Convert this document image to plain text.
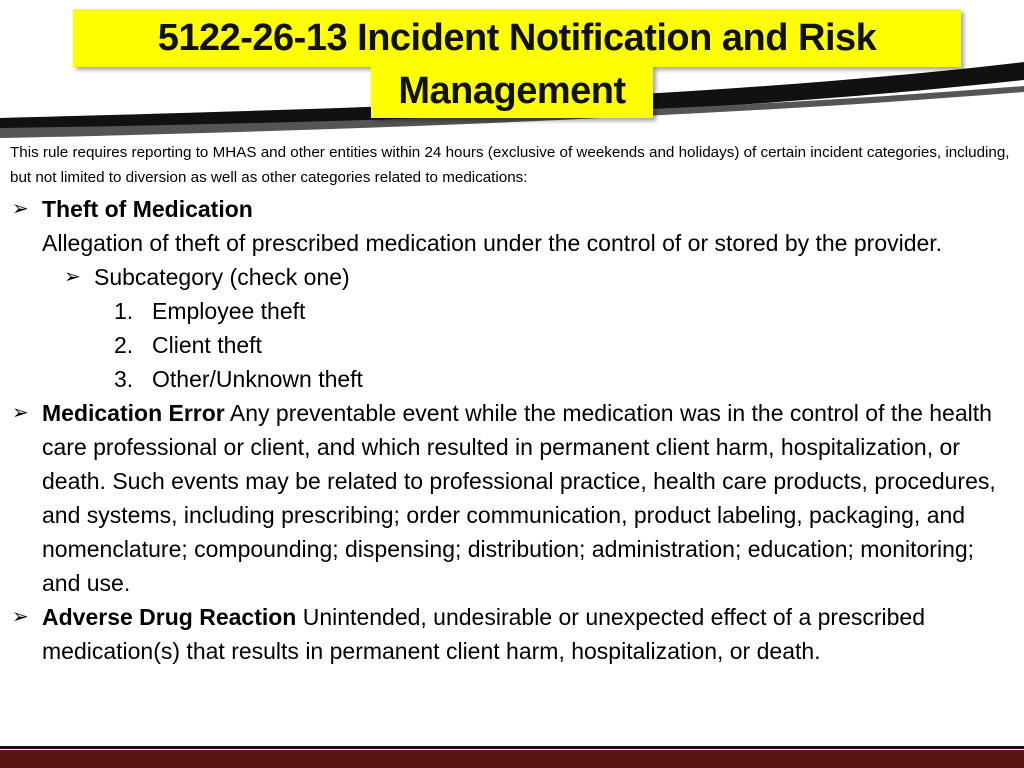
5122-26-13 Incident Notification and Risk
Management

This rule requires reporting to MHAS and other entities within 24 hours (exclusive of weekends and holidays) of certain incident categories, including, but not limited to diversion as well as other categories related to medications:

➢ Theft of Medication
Allegation of theft of prescribed medication under the control of or stored by the provider.
➢ Subcategory (check one)
1. Employee theft
2. Client theft
3. Other/Unknown theft
➢ Medication Error Any preventable event while the medication was in the control of the health care professional or client, and which resulted in permanent client harm, hospitalization, or death. Such events may be related to professional practice, health care products, procedures, and systems, including prescribing; order communication, product labeling, packaging, and nomenclature; compounding; dispensing; distribution; administration; education; monitoring; and use.
➢ Adverse Drug Reaction Unintended, undesirable or unexpected effect of a prescribed medication(s) that results in permanent client harm, hospitalization, or death.
